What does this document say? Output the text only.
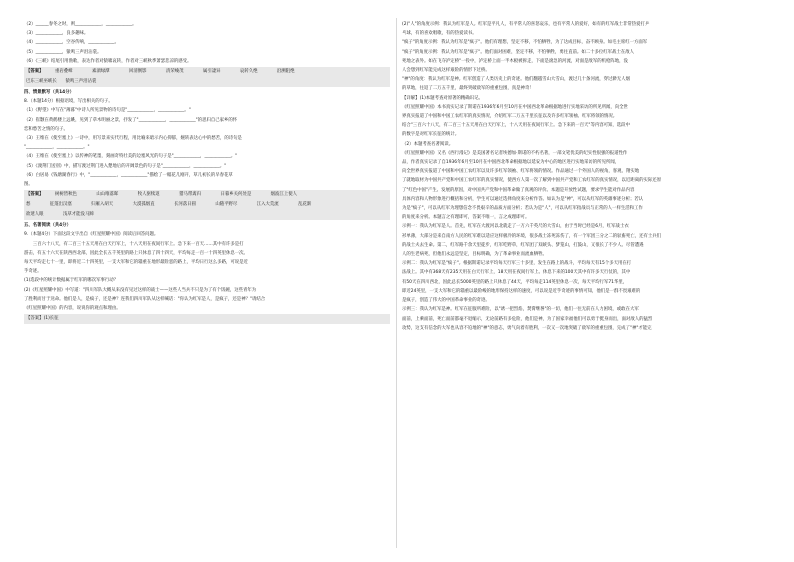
（2）______春冬之时，则____________，____________。
（3）____________，良多趣味。
（4）____________，空谷传响，____________。
（5）____________，猿鸣三声泪沾裳。
（6）《三峡》结尾引用渔歌，表达作者对猿啸哀转，作者对三峡秋季萧瑟悲凉的感受。
【答案】	重岩叠嶂	素湍绿潭	回清倒影	清荣峻茂	属引凄异	哀转久绝	沿溯阻绝
巴东三峡巫峡长　　猿鸣三声泪沾裳
四、情景默写（共14分）
8.（本题14分）根据语境，写出相关的句子。
（1）《野望》中写在"薄暮"中诗人所见景物的诗句是"____________，____________。"
（2）崔颢在黄鹤楼上远眺，见到了草木明丽之景，抒发了"____________，____________"的思归自己家乡的怀
恋和愁苦之情的句子。
（3）王维在《使至塞上》一诗中，用写景来实代行程，用比喻来暗示内心抑郁，婉转表达心中的愁苦，的诗句是
"____________，____________。"
（4）王维在《使至塞上》以传神的笔墨，刻画奇特壮美的边塞风光的句子是"____________，____________。"
（5）《渡荆门送别》中，描写渡过荆门进入楚地后的开阔景色的句子是"____________，____________。"
（6）白居易《钱塘湖春行》中，"____________，____________"描绘了一幅花儿刚开，草儿初长的早春花草
图。
【答案】	树树皆秋色	山山唯落晖	牧人驱犊返	猎马带禽归	日暮乡关何处是	烟波江上使人
愁	征蓬出汉塞	归雁入胡天	大漠孤烟直	长河落日圆	山随平野尽	江入大荒流	乱花渐
欲迷人眼	浅草才能没马蹄
五、名著阅读（共4分）
9.（本题4分）下面这段文字出自《红星照耀中国》阅读后回答问题。
　　三百六十八天，有二百三十五天用在白天行军上，十八天用在夜间行军上。急下来一百天……其中有许多是打
游击，有五十六天在陕西西北部，因此全长五千英里的路上只休息了四十四天，平均每走一百一十四英里休息一次。
每天平均走七十一里，即将近二十四英里，一支大军和它的辎重在地形最险恶的路上，平均日行这么多路，可说是近
乎奇迹。
(1)选段中的统计数据属于红军的哪次军事行动？
(2)《红星照耀中国》中写道："四川军队大概从来没有见过这样的战士——这些人当兵不只是为了有个饭碗，这些青年为
了胜利而甘于送命。他们是人，是疯子，还是神？连我们四川军队从这样喊话："你认为红军是人，是疯子，还是神？"请结合
《红星照耀中国》的内容，说说你的观点和理由。
【答案】(1)长征
(2)"人"的角度示例：我认为红军是人。红军是平凡人，有平常人的喜怒哀乐，也有平常人的爱好，如有的红军战士非常热爱打乒
乓球，有的喜欢唱歌，有的热爱读书。
"疯子"的角度示例：我认为红军是"疯子"。他们有理想，坚定不移，不怕牺牲，为了达成目标，奋不顾身。如毛主席红一方面军
"疯子"的角度示例：我认为红军是"疯子"。他们面对困难，坚定不移，不怕牺牲，勇往直前。如二十多位红军战士在敌人
死地之表外。如在飞夺泸定桥"一役中，泸定桥上面一半木板被拆走，下面是滚急的河流，对面是敌军的机枪阵地，没
人会想到红军能完成这样艰险的情形下过桥。
"神"的角度：我认为红军是神。红军创造了人类历史上的奇迹。他们翻越雪山大雪山，渡过几十条河流，穿过渺无人烟
的草地，往返了二万五千里，最终突破敌军的重重包围，真是神奇！
【详解】(1)本题考查对原著的精确识记。
《红星照耀中国》本书真实记录了斯诺在1936年6月至10月在中国西北革命根据地进行实地采访的所见所闻，向全世
界真实报道了中国和中国工农红军的真实情况，介绍红军二万五千里长征以及许多红军领袖、红军将领的情况。
结合"三百六十八天，有二百三十五天用在白天行军上，十八天用在夜间行军上。急下来的一百天"等内容可知，选段中
的数字是对红军长征的统计。
（2）本题考查名著阅读。
《红星照耀中国》又名《西行漫记》是美国著名记者埃德加·斯诺的不朽名著，一部文笔优美的纪实性很强的报道性作
品，作者真实记录了自1936年6月至10月在中国西北革命根据地以延安为中心的地区进行实地采访的所见所闻，
向全世界真实报道了中国和中国工农红军以及许多红军领袖、红军将领的情况。作品通过一个外国人的视角，客观、翔实地
了就地取材为中国共产党和中国工农红军的真实情况，使西方人第一次了解到中国共产党和工农红军的真实情况，以近距离的实际还原
了"红色中国"产生、发展的原因，对中国共产党和中国革命做了真观的评价。本题是开放性试题，要求学生能对作品内容
具体内容和人物形象进行概括和分析，学生可以通过选择角度来分析作答。如认为是"神"，可以从红军的英雄事迹分析；若认
为是"疯子"，可以从红军为理想信念不畏艰辛的品质方面分析；若认为是"人"，可以从红军指战员与正常的人一样生活和工作
的角度来分析。本题言之有理即可，答案不唯一，言之成理即可。
示例一：我认为红军是人。首先，红军在大渡河以北就走了一万六千英尺的大雪山，由于当时已经是6月，红军战士衣
衫单薄，大部分是来自南方人民的红军难以适应这样极冷的环境，很多战士冻死冻伤了，有一个军团三分之二的驮畜死亡，还有士兵们
的战士夫去生命。第二，红军路千余天里徒步，红军吃野草，红军团了双峡头、梦笼山，打鼓山，又很长了不少人。尽管遭遇
人的生老病死，但他们永远是坚定，目标明确，为了革命事业而流血牺牲。
示例二：我认为红军是"疯子"。根据斯诺记录平均每天行军三十多里，发生在路上的战斗，平均每天有15个多天用在打
法战上。其中有368天有235天用在白天行军上，18天用在夜间行军上。休息下来的100天其中有许多天行仗的，其中
有50天在四川西北，因此总长5000英里的路上只休息了44天，平均每走114英里休息一次，每天平均行军71华里，
即近24英里，一支大军和它的辎重以最险峻的地形保持这样的速度，可以说是近乎奇迹的事情可知，他们是一群不畏艰难的
是疯子，创造了伟大的中国革命事业的奇迹。
示例三：我认为红军是神。红军在征服所难险，以"诱一把烈焰，焚膏继晷"的一切，他们一往无前在人力困境，或敢在大军
面前，上乘面前，死亡面前都毫不退缩示，无论前路有多危险，他们是神，为了国家幸福他们可以勇于挺身而出，面对敌人的猛烈
攻势，这支有信念的大军也从容不迫地的"神"的意志，勇气向着有胜利，一次又一次地突破了敌军的重重包围，完成了"神"才能完
